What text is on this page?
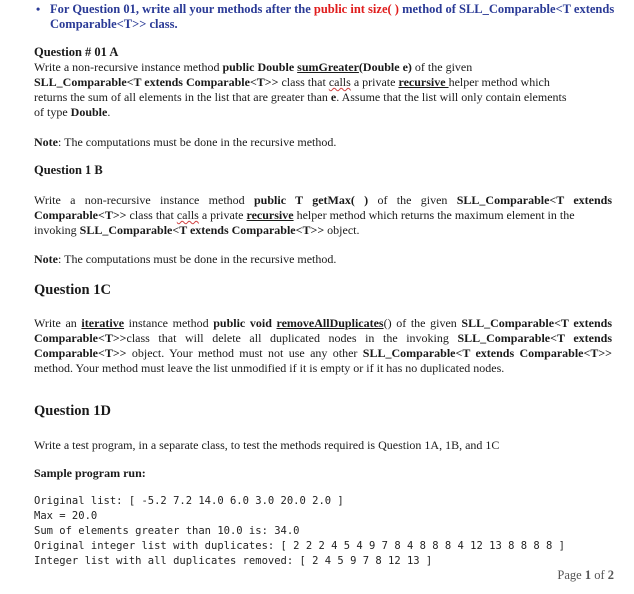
• For Question 01, write all your methods after the public int size( ) method of SLL_Comparable<T extends Comparable<T>> class.
Question # 01 A
Write a non-recursive instance method public Double sumGreater(Double e) of the given
SLL_Comparable<T extends Comparable<T>> class that calls a private recursive helper method which
returns the sum of all elements in the list that are greater than e. Assume that the list will only contain elements
of type Double.
Note: The computations must be done in the recursive method.
Question 1 B
Write a non-recursive instance method public T getMax( ) of the given SLL_Comparable<T extends
Comparable<T>> class that calls a private recursive helper method which returns the maximum element in the
invoking SLL_Comparable<T extends Comparable<T>> object.
Note: The computations must be done in the recursive method.
Question 1C
Write an iterative instance method public void removeAllDuplicates() of the given SLL_Comparable<T extends Comparable<T>>class that will delete all duplicated nodes in the invoking SLL_Comparable<T extends Comparable<T>> object. Your method must not use any other SLL_Comparable<T extends Comparable<T>> method. Your method must leave the list unmodified if it is empty or if it has no duplicated nodes.
Question 1D
Write a test program, in a separate class, to test the methods required is Question 1A, 1B, and 1C
Sample program run:
Original list: [ -5.2 7.2 14.0 6.0 3.0 20.0 2.0 ]
Max = 20.0
Sum of elements greater than 10.0 is: 34.0
Original integer list with duplicates: [ 2 2 2 4 5 4 9 7 8 4 8 8 8 4 12 13 8 8 8 8 ]
Integer list with all duplicates removed: [ 2 4 5 9 7 8 12 13 ]
Page 1 of 2
